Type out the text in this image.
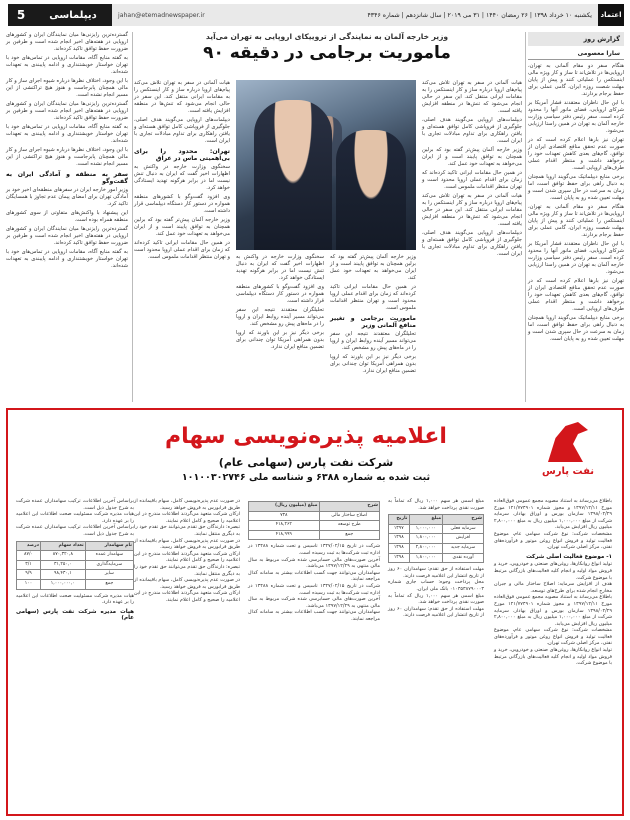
اعتماد
یکشنبه ۱۰ خرداد ۱۳۹۸ | ۲۶ رمضان ۱۴۴۰ | ۳۱ می ۲۰۱۹ | سال شانزدهم | شماره ۴۳۴۶
jahan@etemadnewspaper.ir
دیپلماسی
5
گزارش روز
سارا معصومی

هنگام سفر دو مقام آلمانی به تهران، اروپایی‌ها در تلاش‌اند تا ساز و کار ویژه مالی اینستکس را عملیاتی کنند و پیش از پایان مهلت شصت روزه ایران، گامی عملی برای حفظ برجام بردارند.

با این حال ناظران معتقدند فشار آمریکا بر شرکای اروپایی، فضای مانور آنها را محدود کرده است. سفر رئیس دفتر سیاسی وزارت خارجه آلمان به تهران در همین راستا ارزیابی می‌شود.

تهران نیز بارها اعلام کرده است که در صورت عدم تحقق منافع اقتصادی ایران از توافق، گام‌های بعدی کاهش تعهدات خود را برخواهد داشت و منتظر اقدام عملی طرف‌های اروپایی است.

برخی منابع دیپلماتیک می‌گویند اروپا همچنان به دنبال راهی برای حفظ توافق است، اما زمان به سرعت در حال سپری شدن است و مهلت تعیین شده رو به پایان است.

هنگام سفر دو مقام آلمانی به تهران، اروپایی‌ها در تلاش‌اند تا ساز و کار ویژه مالی اینستکس را عملیاتی کنند و پیش از پایان مهلت شصت روزه ایران، گامی عملی برای حفظ برجام بردارند.

با این حال ناظران معتقدند فشار آمریکا بر شرکای اروپایی، فضای مانور آنها را محدود کرده است. سفر رئیس دفتر سیاسی وزارت خارجه آلمان به تهران در همین راستا ارزیابی می‌شود.

تهران نیز بارها اعلام کرده است که در صورت عدم تحقق منافع اقتصادی ایران از توافق، گام‌های بعدی کاهش تعهدات خود را برخواهد داشت و منتظر اقدام عملی طرف‌های اروپایی است.

برخی منابع دیپلماتیک می‌گویند اروپا همچنان به دنبال راهی برای حفظ توافق است، اما زمان به سرعت در حال سپری شدن است و مهلت تعیین شده رو به پایان است.

وزیر خارجه آلمان به نمایندگی از تروییکای اروپایی به تهران می‌آید
ماموریت برجامی در دقیقه ۹۰

هیات آلمانی در سفر به تهران تلاش می‌کند پیام‌های اروپا درباره ساز و کار اینستکس را به مقامات ایرانی منتقل کند. این سفر در حالی انجام می‌شود که تنش‌ها در منطقه افزایش یافته است.

دیپلمات‌های اروپایی می‌گویند هدف اصلی، جلوگیری از فروپاشی کامل توافق هسته‌ای و یافتن راهکاری برای تداوم مبادلات تجاری با ایران است.

وزیر خارجه آلمان پیش‌تر گفته بود که برلین همچنان به توافق پایبند است و از ایران می‌خواهد به تعهدات خود عمل کند.

در همین حال مقامات ایرانی تاکید کرده‌اند که زمان برای اقدام عملی اروپا محدود است و تهران منتظر اقدامات ملموس است.

هیات آلمانی در سفر به تهران تلاش می‌کند پیام‌های اروپا درباره ساز و کار اینستکس را به مقامات ایرانی منتقل کند. این سفر در حالی انجام می‌شود که تنش‌ها در منطقه افزایش یافته است.

دیپلمات‌های اروپایی می‌گویند هدف اصلی، جلوگیری از فروپاشی کامل توافق هسته‌ای و یافتن راهکاری برای تداوم مبادلات تجاری با ایران است.

وزیر خارجه آلمان پیش‌تر گفته بود که برلین همچنان به توافق پایبند است و از ایران می‌خواهد به تعهدات خود عمل کند.

در همین حال مقامات ایرانی تاکید کرده‌اند که زمان برای اقدام عملی اروپا محدود است و تهران منتظر اقدامات ملموس است.

ماموریت برجامی و تغییر منافع آلمانی وزیر

تحلیلگران معتقدند نتیجه این سفر می‌تواند مسیر آینده روابط ایران و اروپا را در ماه‌های پیش رو مشخص کند.

برخی دیگر نیز بر این باورند که اروپا بدون همراهی آمریکا توان چندانی برای تضمین منافع ایران ندارد.

سخنگوی وزارت خارجه در واکنش به اظهارات اخیر گفت که ایران به دنبال تنش نیست اما در برابر هرگونه تهدید ایستادگی خواهد کرد.

وی افزود گفت‌وگو با کشورهای منطقه همواره در دستور کار دستگاه دیپلماسی قرار داشته است.

تحلیلگران معتقدند نتیجه این سفر می‌تواند مسیر آینده روابط ایران و اروپا را در ماه‌های پیش رو مشخص کند.

برخی دیگر نیز بر این باورند که اروپا بدون همراهی آمریکا توان چندانی برای تضمین منافع ایران ندارد.

هیات آلمانی در سفر به تهران تلاش می‌کند پیام‌های اروپا درباره ساز و کار اینستکس را به مقامات ایرانی منتقل کند. این سفر در حالی انجام می‌شود که تنش‌ها در منطقه افزایش یافته است.

دیپلمات‌های اروپایی می‌گویند هدف اصلی، جلوگیری از فروپاشی کامل توافق هسته‌ای و یافتن راهکاری برای تداوم مبادلات تجاری با ایران است.

تهران: محدود را برای بی‌اهمیتی ماس در عراق

سخنگوی وزارت خارجه در واکنش به اظهارات اخیر گفت که ایران به دنبال تنش نیست اما در برابر هرگونه تهدید ایستادگی خواهد کرد.

وی افزود گفت‌وگو با کشورهای منطقه همواره در دستور کار دستگاه دیپلماسی قرار داشته است.

وزیر خارجه آلمان پیش‌تر گفته بود که برلین همچنان به توافق پایبند است و از ایران می‌خواهد به تعهدات خود عمل کند.

در همین حال مقامات ایرانی تاکید کرده‌اند که زمان برای اقدام عملی اروپا محدود است و تهران منتظر اقدامات ملموس است.

گسترده‌ترین رایزنی‌ها میان نمایندگان ایران و کشورهای اروپایی در هفته‌های اخیر انجام شده است و طرفین بر ضرورت حفظ توافق تاکید کرده‌اند.

به گفته منابع آگاه، مقامات اروپایی در تماس‌های خود با تهران خواستار خویشتنداری و ادامه پایبندی به تعهدات شده‌اند.

با این وجود، اختلاف نظرها درباره شیوه اجرای ساز و کار مالی همچنان پابرجاست و هنوز هیچ تراکنشی از این مسیر انجام نشده است.

گسترده‌ترین رایزنی‌ها میان نمایندگان ایران و کشورهای اروپایی در هفته‌های اخیر انجام شده است و طرفین بر ضرورت حفظ توافق تاکید کرده‌اند.

به گفته منابع آگاه، مقامات اروپایی در تماس‌های خود با تهران خواستار خویشتنداری و ادامه پایبندی به تعهدات شده‌اند.

با این وجود، اختلاف نظرها درباره شیوه اجرای ساز و کار مالی همچنان پابرجاست و هنوز هیچ تراکنشی از این مسیر انجام نشده است.

سفر به منطقه و آمادگی ایران به گفت‌وگو

وزیر امور خارجه ایران در سفرهای منطقه‌ای اخیر خود بر آمادگی تهران برای امضای پیمان عدم تجاوز با همسایگان تاکید کرد.

این پیشنهاد با واکنش‌های متفاوتی از سوی کشورهای منطقه همراه بوده است.

گسترده‌ترین رایزنی‌ها میان نمایندگان ایران و کشورهای اروپایی در هفته‌های اخیر انجام شده است و طرفین بر ضرورت حفظ توافق تاکید کرده‌اند.

به گفته منابع آگاه، مقامات اروپایی در تماس‌های خود با تهران خواستار خویشتنداری و ادامه پایبندی به تعهدات شده‌اند.

نفت پارس
اعلامیه پذیره‌نویسی سهام
شرکت نفت پارس (سهامی عام)
ثبت شده به شماره ۶۳۸۸ و شناسه ملی ۱۰۱۰۰۳۰۲۷۴۶

باطلاع می‌رساند به استناد مصوبه مجمع عمومی فوق‌العاده مورخ ۱۳۹۷/۱۲/۱۱ و مجوز شماره ۱۲۱/۷۷۴۹۰۱ مورخ ۱۳۹۸/۰۲/۲۹ سازمان بورس و اوراق بهادار، سرمایه شرکت از مبلغ ۱,۰۰۰,۰۰۰ میلیون ریال به مبلغ ۲,۸۰۰,۰۰۰ میلیون ریال افزایش می‌یابد.

مشخصات شرکت: نوع شرکت سهامی عام، موضوع فعالیت تولید و فروش انواع روغن موتور و فرآورده‌های نفتی، مرکز اصلی شرکت تهران.

۱- موضوع فعالیت اصلی شرکت

تولید انواع روانکارها، روغن‌های صنعتی و خودرویی، خرید و فروش مواد اولیه و انجام کلیه فعالیت‌های بازرگانی مرتبط با موضوع شرکت.

هدف از افزایش سرمایه: اصلاح ساختار مالی و جبران مخارج انجام شده برای طرح‌های توسعه.

باطلاع می‌رساند به استناد مصوبه مجمع عمومی فوق‌العاده مورخ ۱۳۹۷/۱۲/۱۱ و مجوز شماره ۱۲۱/۷۷۴۹۰۱ مورخ ۱۳۹۸/۰۲/۲۹ سازمان بورس و اوراق بهادار، سرمایه شرکت از مبلغ ۱,۰۰۰,۰۰۰ میلیون ریال به مبلغ ۲,۸۰۰,۰۰۰ میلیون ریال افزایش می‌یابد.

مشخصات شرکت: نوع شرکت سهامی عام، موضوع فعالیت تولید و فروش انواع روغن موتور و فرآورده‌های نفتی، مرکز اصلی شرکت تهران.

تولید انواع روانکارها، روغن‌های صنعتی و خودرویی، خرید و فروش مواد اولیه و انجام کلیه فعالیت‌های بازرگانی مرتبط با موضوع شرکت.

مبلغ اسمی هر سهم ۱,۰۰۰ ریال که تماماً به صورت نقدی پرداخت خواهد شد.

شرح	مبلغ	تاریخ
سرمایه فعلی	۱,۰۰۰,۰۰۰	۱۳۹۷
افزایش	۱,۸۰۰,۰۰۰	۱۳۹۸
سرمایه جدید	۲,۸۰۰,۰۰۰	۱۳۹۸
آورده نقدی	۱,۸۰۰,۰۰۰	۱۳۹۸

مهلت استفاده از حق تقدم: سهامداران ۶۰ روز از تاریخ انتشار این اعلامیه فرصت دارند.

محل پرداخت وجوه: حساب جاری شماره ۰۱۰۳۵۳۸۷۹۰۰۰۳ بانک ملی ایران.

مبلغ اسمی هر سهم ۱,۰۰۰ ریال که تماماً به صورت نقدی پرداخت خواهد شد.

مهلت استفاده از حق تقدم: سهامداران ۶۰ روز از تاریخ انتشار این اعلامیه فرصت دارند.

شرح	مبلغ (میلیون ریال)
اصلاح ساختار مالی	۷۳۸
طرح توسعه	۴۱۸,۲۶۲
جمع	۴۱۸,۹۹۹

شرکت در تاریخ ۱۳۴۷/۰۲/۱۵ تاسیس و تحت شماره ۱۳۴۸۸ در اداره ثبت شرکت‌ها به ثبت رسیده است.

آخرین صورت‌های مالی حسابرسی شده شرکت مربوط به سال مالی منتهی به ۱۳۹۷/۱۲/۲۹ می‌باشد.

سهامداران می‌توانند جهت کسب اطلاعات بیشتر به سامانه کدال مراجعه نمایند.

شرکت در تاریخ ۱۳۴۷/۰۲/۱۵ تاسیس و تحت شماره ۱۳۴۸۸ در اداره ثبت شرکت‌ها به ثبت رسیده است.

آخرین صورت‌های مالی حسابرسی شده شرکت مربوط به سال مالی منتهی به ۱۳۹۷/۱۲/۲۹ می‌باشد.

سهامداران می‌توانند جهت کسب اطلاعات بیشتر به سامانه کدال مراجعه نمایند.

در صورت عدم پذیره‌نویسی کامل، سهام باقیمانده از طریق فرابورس به فروش خواهد رسید.

ارکان شرکت متعهد می‌گردند اطلاعات مندرج در این اعلامیه را صحیح و کامل اعلام نمایند.

تبصره: دارندگان حق تقدم می‌توانند حق تقدم خود را به دیگری منتقل نمایند.

در صورت عدم پذیره‌نویسی کامل، سهام باقیمانده از طریق فرابورس به فروش خواهد رسید.

ارکان شرکت متعهد می‌گردند اطلاعات مندرج در این اعلامیه را صحیح و کامل اعلام نمایند.

تبصره: دارندگان حق تقدم می‌توانند حق تقدم خود را به دیگری منتقل نمایند.

در صورت عدم پذیره‌نویسی کامل، سهام باقیمانده از طریق فرابورس به فروش خواهد رسید.

ارکان شرکت متعهد می‌گردند اطلاعات مندرج در این اعلامیه را صحیح و کامل اعلام نمایند.

براساس آخرین اطلاعات، ترکیب سهامداران عمده شرکت به شرح جدول ذیل است.

هیات مدیره شرکت مسئولیت صحت اطلاعات این اعلامیه را بر عهده دارد.

براساس آخرین اطلاعات، ترکیب سهامداران عمده شرکت به شرح جدول ذیل است.

نام سهامدار	تعداد سهام	درصد
سهامدار عمده	۸۷۰,۳۲۰,۸	۸۷/۰
سرمایه‌گذاری	۳۱,۲۵۰,۰	۳/۱
سایر	۹۸,۴۳۰,۱	۹/۹
جمع	۱,۰۰۰,۰۰۰,۰	۱۰۰

هیات مدیره شرکت مسئولیت صحت اطلاعات این اعلامیه را بر عهده دارد.

هیات مدیره شرکت نفت پارس (سهامی عام)
